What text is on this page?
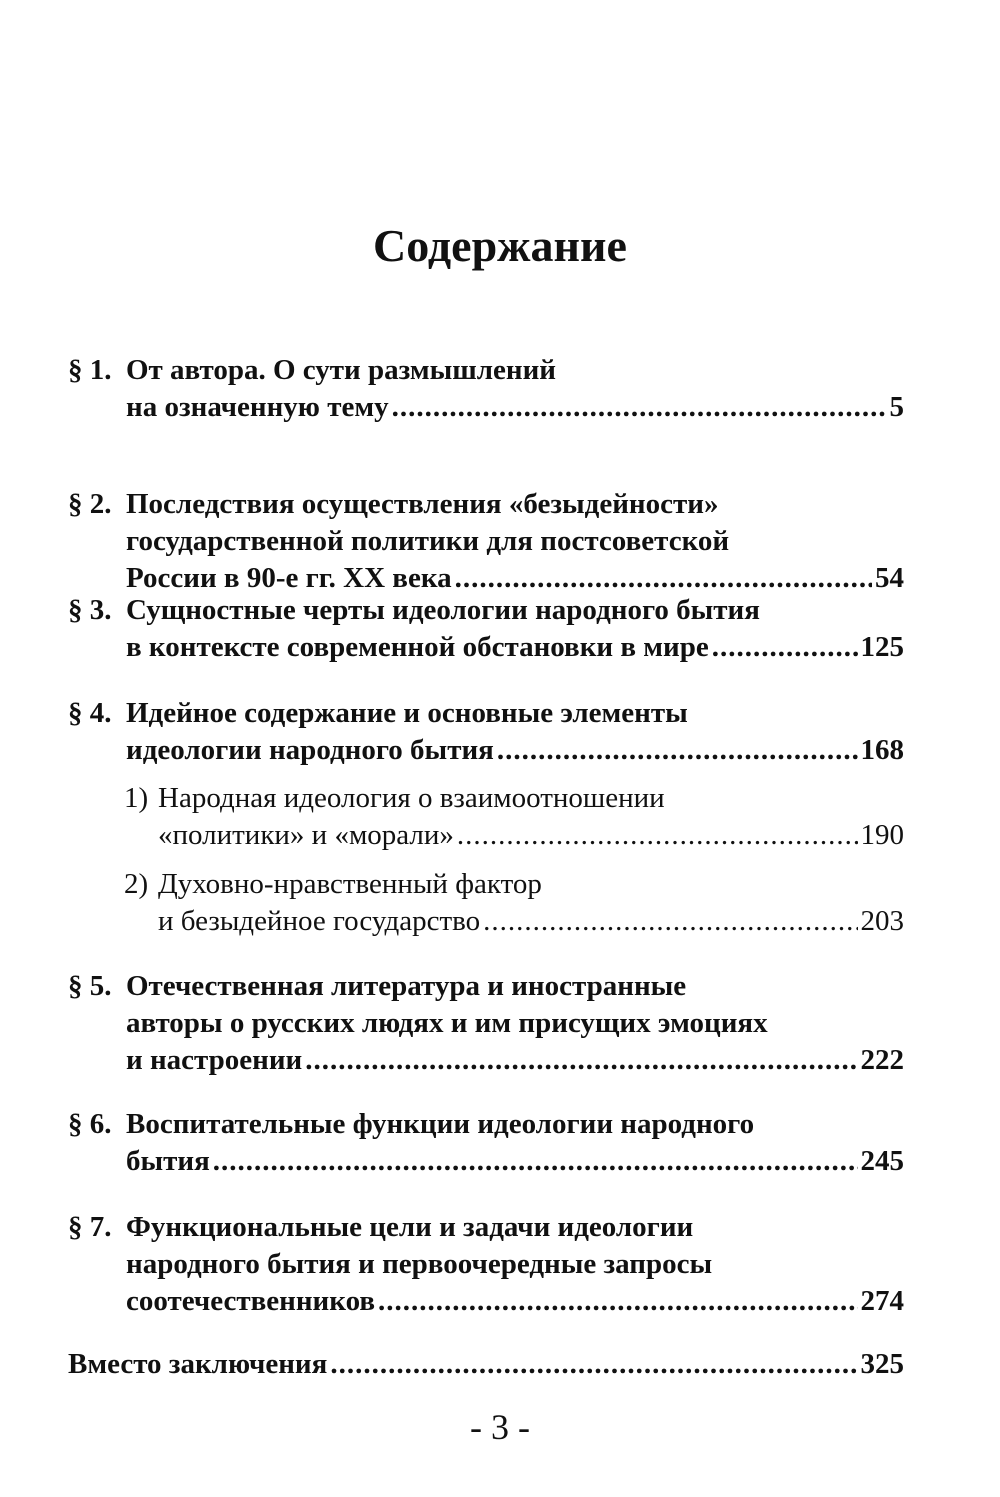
Содержание
§ 1. От автора. О сути размышлений
на означенную тему .....	5
§ 2. Последствия осуществления «безыдейности»
государственной политики для постсоветской
России в 90-е гг. XX века .....	54
§ 3. Сущностные черты идеологии народного бытия
в контексте современной обстановки в мире .....	125
§ 4. Идейное содержание и основные элементы
идеологии народного бытия .....	168
1) Народная идеология о взаимоотношении
«политики» и «морали» .....	190
2) Духовно-нравственный фактор
и безыдейное государство .....	203
§ 5. Отечественная литература и иностранные
авторы о русских людях и им присущих эмоциях
и настроении .....	222
§ 6. Воспитательные функции идеологии народного
бытия .....	245
§ 7. Функциональные цели и задачи идеологии
народного бытия и первоочередные запросы
соотечественников .....	274
Вместо заключения .....	325
- 3 -
